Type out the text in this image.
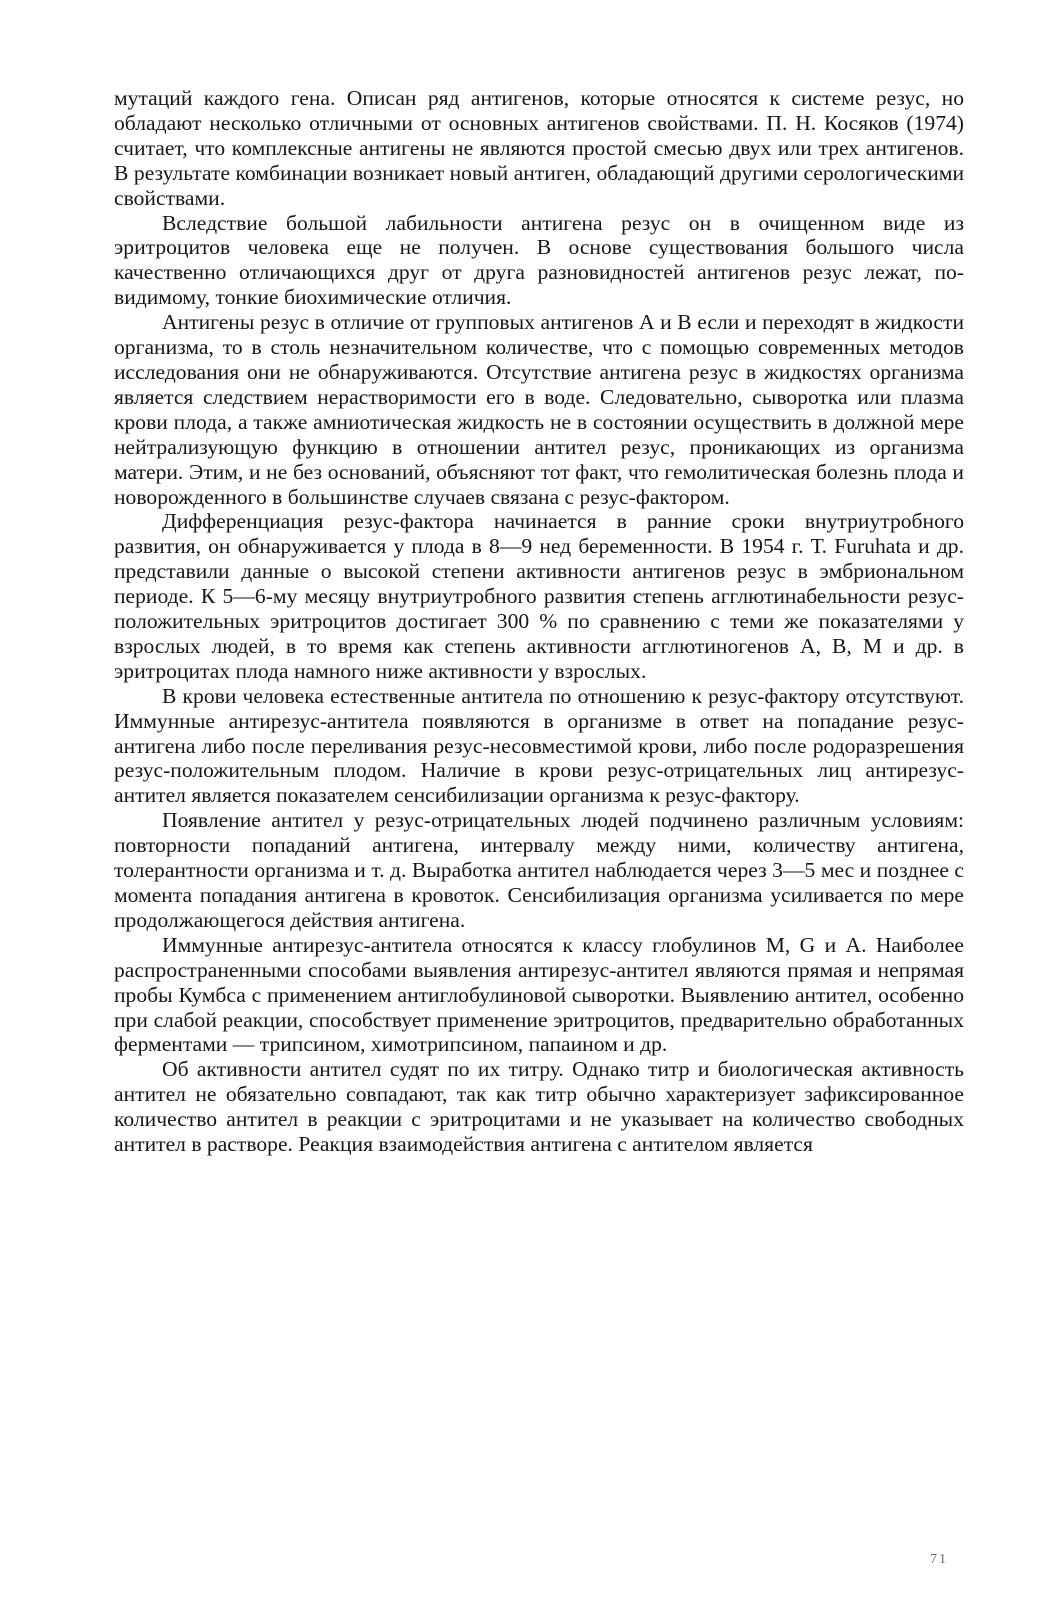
мутаций каждого гена. Описан ряд антигенов, которые относятся к системе резус, но обладают несколько отличными от основных антигенов свойствами. П. Н. Косяков (1974) считает, что комплексные антигены не являются простой смесью двух или трех антигенов. В результате комбинации возникает новый антиген, обладающий другими серологическими свойствами.

Вследствие большой лабильности антигена резус он в очищенном виде из эритроцитов человека еще не получен. В основе существования большого числа качественно отличающихся друг от друга разновидностей антигенов резус лежат, по-видимому, тонкие биохимические отличия.

Антигены резус в отличие от групповых антигенов А и В если и переходят в жидкости организма, то в столь незначительном количестве, что с помощью современных методов исследования они не обнаруживаются. Отсутствие антигена резус в жидкостях организма является следствием нерастворимости его в воде. Следовательно, сыворотка или плазма крови плода, а также амниотическая жидкость не в состоянии осуществить в должной мере нейтрализующую функцию в отношении антител резус, проникающих из организма матери. Этим, и не без оснований, объясняют тот факт, что гемолитическая болезнь плода и новорожденного в большинстве случаев связана с резус-фактором.

Дифференциация резус-фактора начинается в ранние сроки внутриутробного развития, он обнаруживается у плода в 8—9 нед беременности. В 1954 г. Т. Furuhata и др. представили данные о высокой степени активности антигенов резус в эмбриональном периоде. К 5—6-му месяцу внутриутробного развития степень агглютинабельности резус-положительных эритроцитов достигает 300 % по сравнению с теми же показателями у взрослых людей, в то время как степень активности агглютиногенов А, В, М и др. в эритроцитах плода намного ниже активности у взрослых.

В крови человека естественные антитела по отношению к резус-фактору отсутствуют. Иммунные антирезус-антитела появляются в организме в ответ на попадание резус-антигена либо после переливания резус-несовместимой крови, либо после родоразрешения резус-положительным плодом. Наличие в крови резус-отрицательных лиц антирезус-антител является показателем сенсибилизации организма к резус-фактору.

Появление антител у резус-отрицательных людей подчинено различным условиям: повторности попаданий антигена, интервалу между ними, количеству антигена, толерантности организма и т. д. Выработка антител наблюдается через 3—5 мес и позднее с момента попадания антигена в кровоток. Сенсибилизация организма усиливается по мере продолжающегося действия антигена.

Иммунные антирезус-антитела относятся к классу глобулинов М, G и А. Наиболее распространенными способами выявления антирезус-антител являются прямая и непрямая пробы Кумбса с применением антиглобулиновой сыворотки. Выявлению антител, особенно при слабой реакции, способствует применение эритроцитов, предварительно обработанных ферментами — трипсином, химотрипсином, папаином и др.

Об активности антител судят по их титру. Однако титр и биологическая активность антител не обязательно совпадают, так как титр обычно характеризует зафиксированное количество антител в реакции с эритроцитами и не указывает на количество свободных антител в растворе. Реакция взаимодействия антигена с антителом является

71
